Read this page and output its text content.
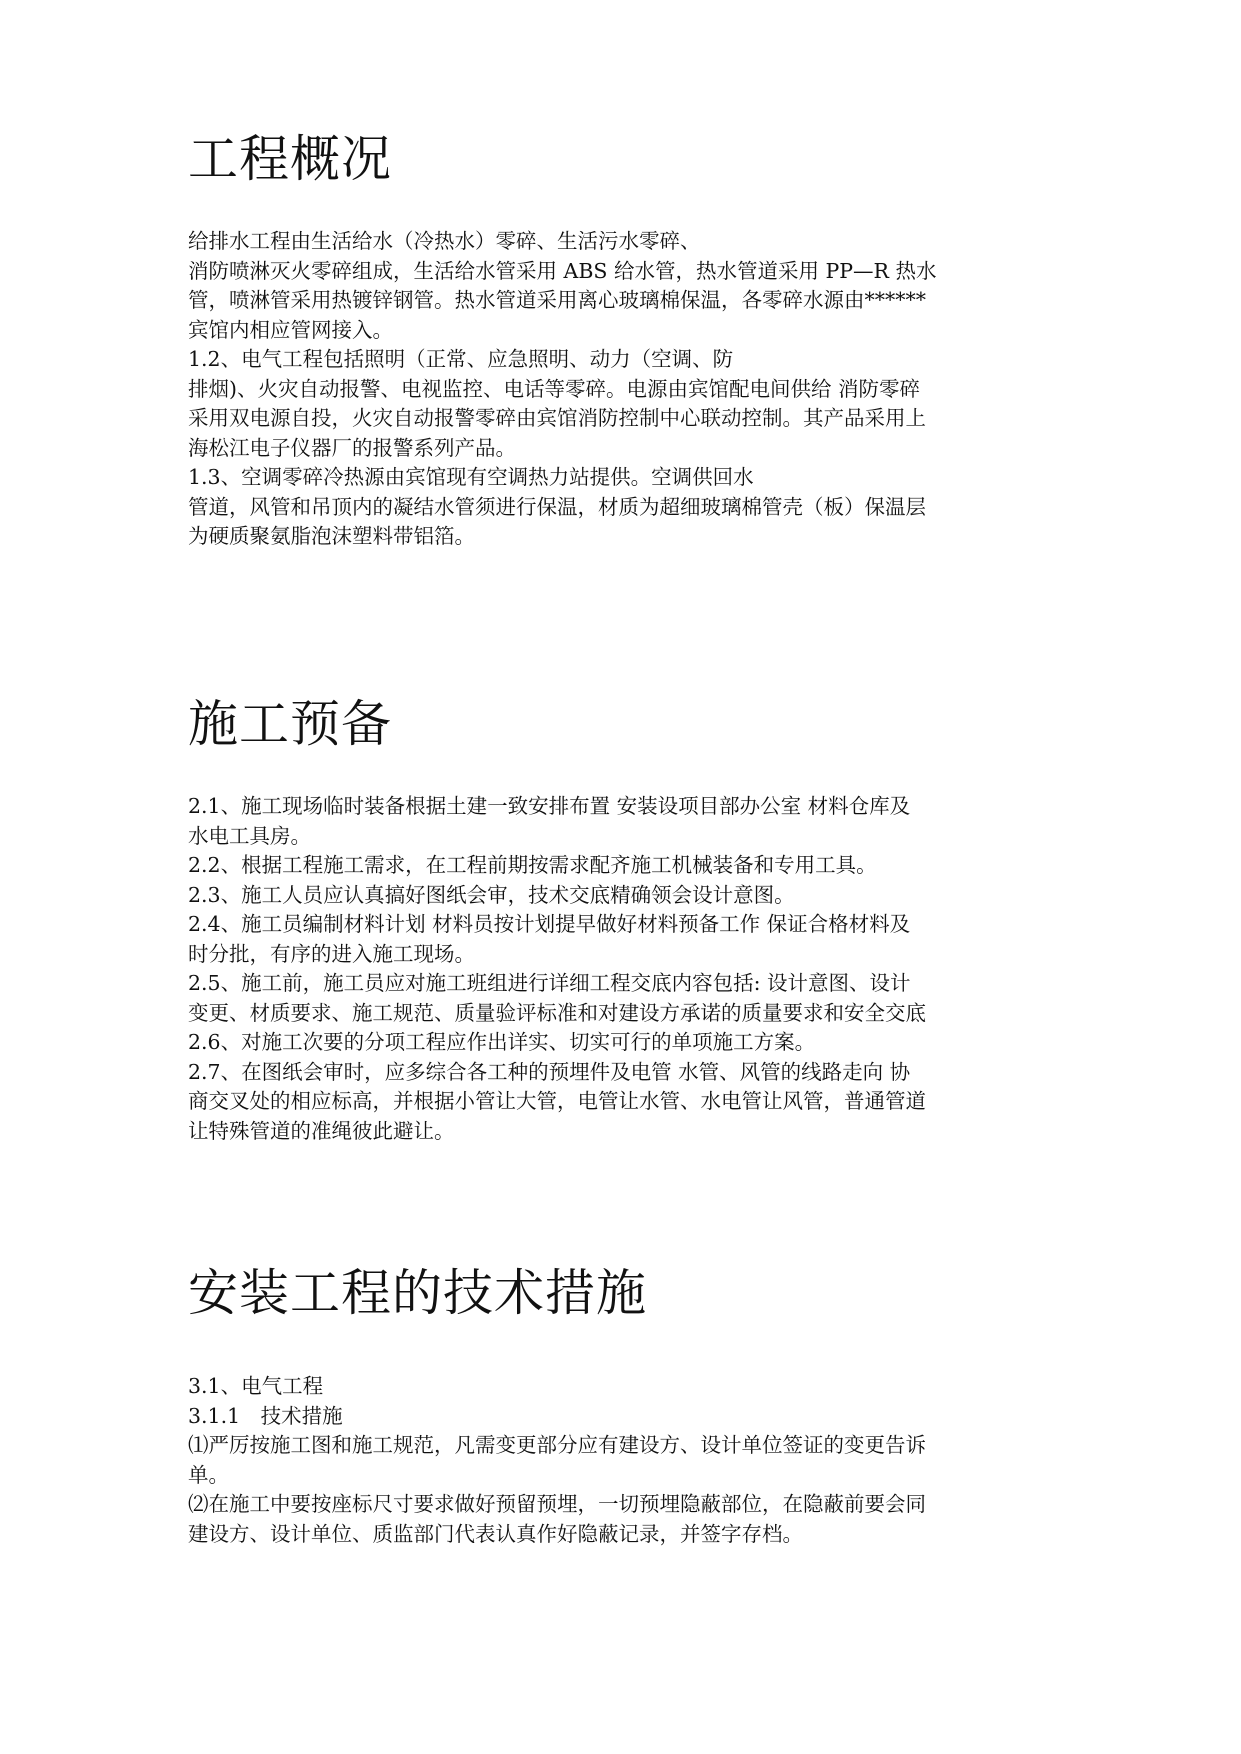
工程概况
给排水工程由生活给水（冷热水）零碎、生活污水零碎、
消防喷淋灭火零碎组成，生活给水管采用 ABS 给水管，热水管道采用 PP—R 热水
管，喷淋管采用热镀锌钢管。热水管道采用离心玻璃棉保温，各零碎水源由******
宾馆内相应管网接入。
1.2、电气工程包括照明（正常、应急照明、动力（空调、防
排烟)、火灾自动报警、电视监控、电话等零碎。电源由宾馆配电间供给 消防零碎
采用双电源自投，火灾自动报警零碎由宾馆消防控制中心联动控制。其产品采用上
海松江电子仪器厂的报警系列产品。
1.3、空调零碎冷热源由宾馆现有空调热力站提供。空调供回水
管道，风管和吊顶内的凝结水管须进行保温，材质为超细玻璃棉管壳（板）保温层
为硬质聚氨脂泡沫塑料带铝箔。
施工预备
2.1、施工现场临时装备根据土建一致安排布置 安装设项目部办公室 材料仓库及
水电工具房。
2.2、根据工程施工需求，在工程前期按需求配齐施工机械装备和专用工具。
2.3、施工人员应认真搞好图纸会审，技术交底精确领会设计意图。
2.4、施工员编制材料计划 材料员按计划提早做好材料预备工作 保证合格材料及
时分批，有序的进入施工现场。
2.5、施工前，施工员应对施工班组进行详细工程交底内容包括: 设计意图、设计
变更、材质要求、施工规范、质量验评标准和对建设方承诺的质量要求和安全交底
2.6、对施工次要的分项工程应作出详实、切实可行的单项施工方案。
2.7、在图纸会审时，应多综合各工种的预埋件及电管 水管、风管的线路走向 协
商交叉处的相应标高，并根据小管让大管，电管让水管、水电管让风管，普通管道
让特殊管道的准绳彼此避让。
安装工程的技术措施
3.1、电气工程
3.1.1　技术措施
⑴严厉按施工图和施工规范，凡需变更部分应有建设方、设计单位签证的变更告诉
单。
⑵在施工中要按座标尺寸要求做好预留预埋，一切预埋隐蔽部位，在隐蔽前要会同
建设方、设计单位、质监部门代表认真作好隐蔽记录，并签字存档。
